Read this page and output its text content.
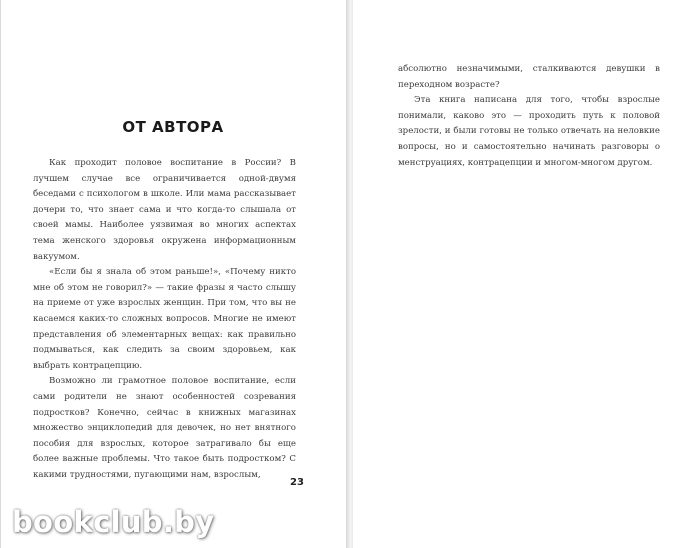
ОТ АВТОРА

Как проходит половое воспитание в России? В лучшем случае все ограничивается одной-двумя беседами с психологом в школе. Или мама рассказывает дочери то, что знает сама и что когда-то слышала от своей мамы. Наиболее уязвимая во многих аспектах тема женского здоровья окружена информационным вакуумом.

«Если бы я знала об этом раньше!», «Почему никто мне об этом не говорил?» — такие фразы я часто слышу на приеме от уже взрослых женщин. При том, что вы не касаемся каких-то сложных вопросов. Многие не имеют представления об элементарных вещах: как правильно подмываться, как следить за своим здоровьем, как выбрать контрацепцию.

Возможно ли грамотное половое воспитание, если сами родители не знают особенностей созревания подростков? Конечно, сейчас в книжных магазинах множество энциклопедий для девочек, но нет внятного пособия для взрослых, которое затрагивало бы еще более важные проблемы. Что такое быть подростком? С какими трудностями, пугающими нам, взрослым,

23

абсолютно незначимыми, сталкиваются девушки в переходном возрасте?

Эта книга написана для того, чтобы взрослые понимали, каково это — проходить путь к половой зрелости, и были готовы не только отвечать на неловкие вопросы, но и самостоятельно начинать разговоры о менструациях, контрацепции и многом-многом другом.

bookclub.by
